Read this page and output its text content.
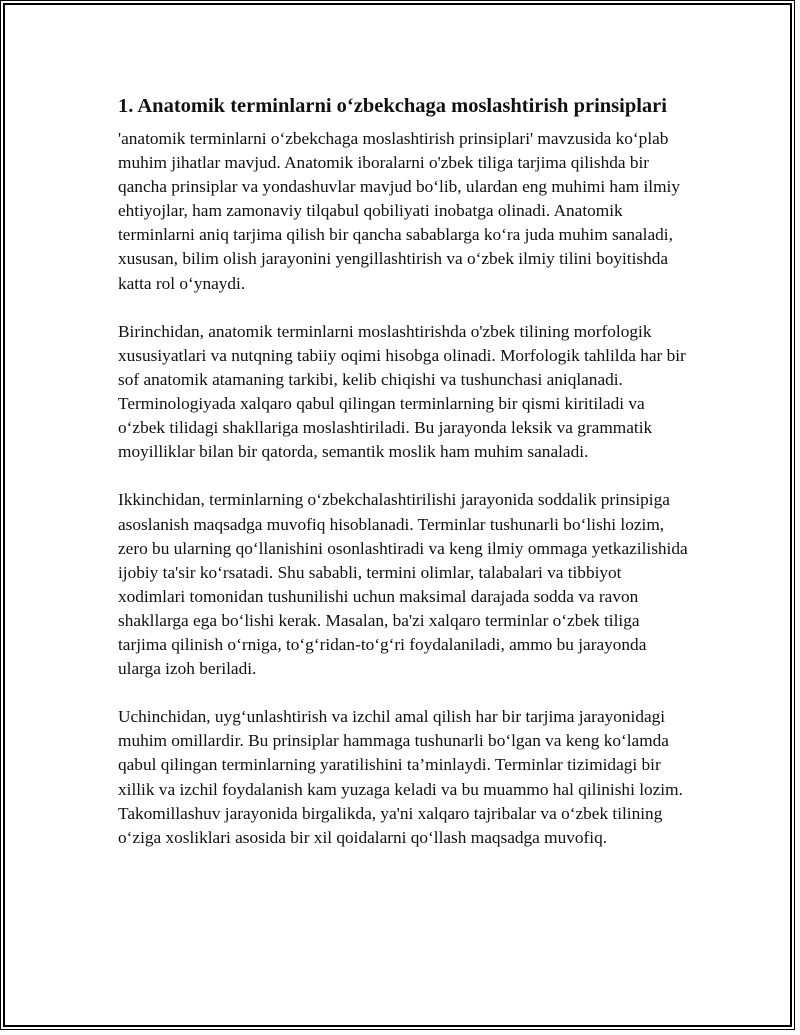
1. Anatomik terminlarni o‘zbekchaga moslashtirish prinsiplari

'anatomik terminlarni o‘zbekchaga moslashtirish prinsiplari' mavzusida ko‘plab muhim jihatlar mavjud. Anatomik iboralarni o'zbek tiliga tarjima qilishda bir qancha prinsiplar va yondashuvlar mavjud bo‘lib, ulardan eng muhimi ham ilmiy ehtiyojlar, ham zamonaviy tilqabul qobiliyati inobatga olinadi. Anatomik terminlarni aniq tarjima qilish bir qancha sabablarga ko‘ra juda muhim sanaladi, xususan, bilim olish jarayonini yengillashtirish va o‘zbek ilmiy tilini boyitishda katta rol o‘ynaydi.

Birinchidan, anatomik terminlarni moslashtirishda o'zbek tilining morfologik xususiyatlari va nutqning tabiiy oqimi hisobga olinadi. Morfologik tahlilda har bir sof anatomik atamaning tarkibi, kelib chiqishi va tushunchasi aniqlanadi. Terminologiyada xalqaro qabul qilingan terminlarning bir qismi kiritiladi va o‘zbek tilidagi shakllariga moslashtiriladi. Bu jarayonda leksik va grammatik moyilliklar bilan bir qatorda, semantik moslik ham muhim sanaladi.

Ikkinchidan, terminlarning o‘zbekchalashtirilishi jarayonida soddalik prinsipiga asoslanish maqsadga muvofiq hisoblanadi. Terminlar tushunarli bo‘lishi lozim, zero bu ularning qo‘llanishini osonlashtiradi va keng ilmiy ommaga yetkazilishida ijobiy ta'sir ko‘rsatadi. Shu sababli, termini olimlar, talabalari va tibbiyot xodimlari tomonidan tushunilishi uchun maksimal darajada sodda va ravon shakllarga ega bo‘lishi kerak. Masalan, ba'zi xalqaro terminlar o‘zbek tiliga tarjima qilinish o‘rniga, to‘g‘ridan-to‘g‘ri foydalaniladi, ammo bu jarayonda ularga izoh beriladi.

Uchinchidan, uyg‘unlashtirish va izchil amal qilish har bir tarjima jarayonidagi muhim omillardir. Bu prinsiplar hammaga tushunarli bo‘lgan va keng ko‘lamda qabul qilingan terminlarning yaratilishini ta’minlaydi. Terminlar tizimidagi bir xillik va izchil foydalanish kam yuzaga keladi va bu muammo hal qilinishi lozim. Takomillashuv jarayonida birgalikda, ya'ni xalqaro tajribalar va o‘zbek tilining o‘ziga xosliklari asosida bir xil qoidalarni qo‘llash maqsadga muvofiq.
